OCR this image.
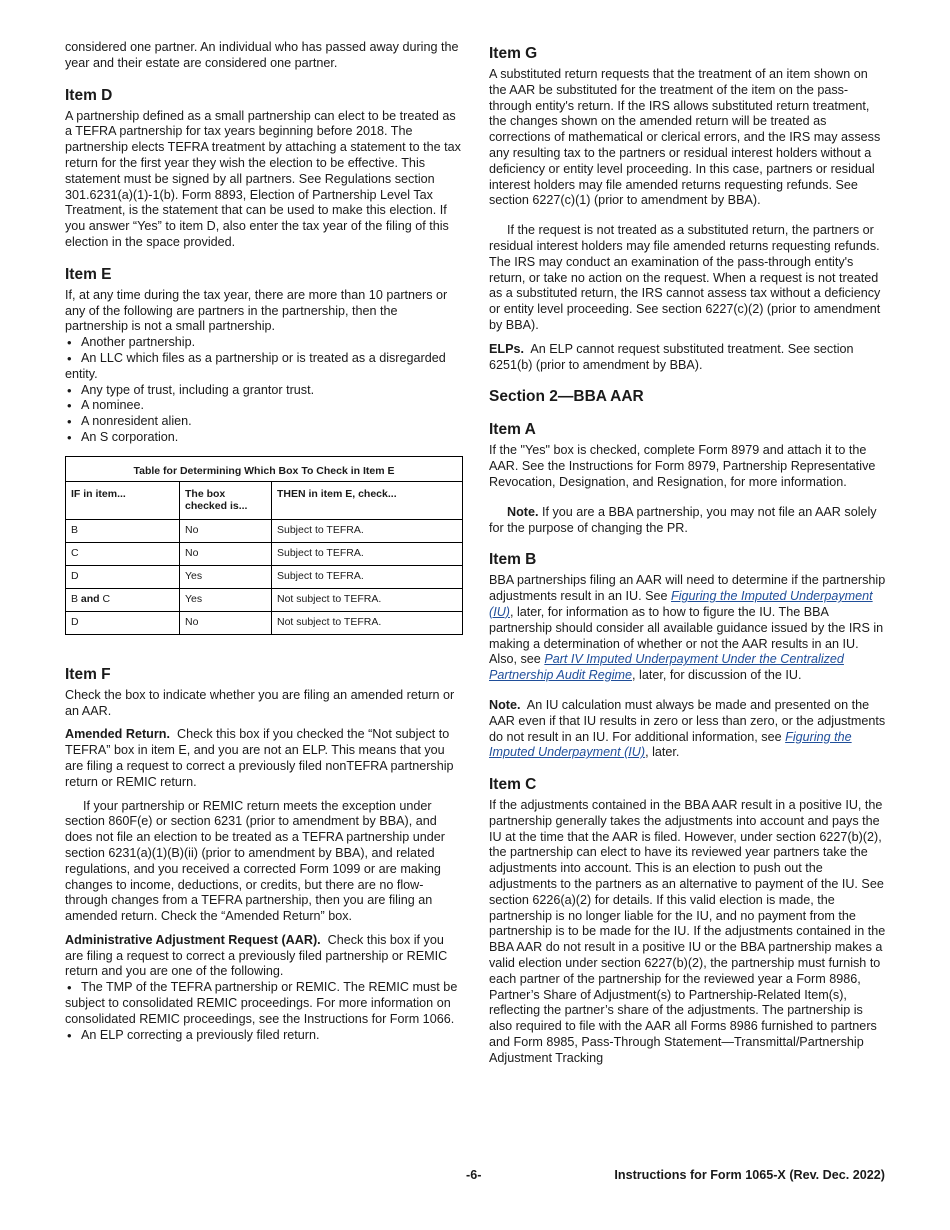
considered one partner. An individual who has passed away during the year and their estate are considered one partner.

Item D

A partnership defined as a small partnership can elect to be treated as a TEFRA partnership for tax years beginning before 2018. The partnership elects TEFRA treatment by attaching a statement to the tax return for the first year they wish the election to be effective. This statement must be signed by all partners. See Regulations section 301.6231(a)(1)-1(b). Form 8893, Election of Partnership Level Tax Treatment, is the statement that can be used to make this election. If you answer “Yes” to item D, also enter the tax year of the filing of this election in the space provided.

Item E

If, at any time during the tax year, there are more than 10 partners or any of the following are partners in the partnership, then the partnership is not a small partnership.

• Another partnership.
• An LLC which files as a partnership or is treated as a disregarded entity.
• Any type of trust, including a grantor trust.
• A nominee.
• A nonresident alien.
• An S corporation.
Table for Determining Which Box To Check in Item E		
IF in item...	The box checked is...	THEN in item E, check...
B	No	Subject to TEFRA.
C	No	Subject to TEFRA.
D	Yes	Subject to TEFRA.
B and C	Yes	Not subject to TEFRA.
D	No	Not subject to TEFRA.
Item F

Check the box to indicate whether you are filing an amended return or an AAR.

Amended Return. Check this box if you checked the “Not subject to TEFRA” box in item E, and you are not an ELP. This means that you are filing a request to correct a previously filed nonTEFRA partnership return or REMIC return.

If your partnership or REMIC return meets the exception under section 860F(e) or section 6231 (prior to amendment by BBA), and does not file an election to be treated as a TEFRA partnership under section 6231(a)(1)(B)(ii) (prior to amendment by BBA), and related regulations, and you received a corrected Form 1099 or are making changes to income, deductions, or credits, but there are no flow-through changes from a TEFRA partnership, then you are filing an amended return. Check the “Amended Return” box.

Administrative Adjustment Request (AAR). Check this box if you are filing a request to correct a previously filed partnership or REMIC return and you are one of the following.

• The TMP of the TEFRA partnership or REMIC. The REMIC must be subject to consolidated REMIC proceedings. For more information on consolidated REMIC proceedings, see the Instructions for Form 1066.
• An ELP correcting a previously filed return.
Item G

A substituted return requests that the treatment of an item shown on the AAR be substituted for the treatment of the item on the pass-through entity's return. If the IRS allows substituted return treatment, the changes shown on the amended return will be treated as corrections of mathematical or clerical errors, and the IRS may assess any resulting tax to the partners or residual interest holders without a deficiency or entity level proceeding. In this case, partners or residual interest holders may file amended returns requesting refunds. See section 6227(c)(1) (prior to amendment by BBA).

If the request is not treated as a substituted return, the partners or residual interest holders may file amended returns requesting refunds. The IRS may conduct an examination of the pass-through entity's return, or take no action on the request. When a request is not treated as a substituted return, the IRS cannot assess tax without a deficiency or entity level proceeding. See section 6227(c)(2) (prior to amendment by BBA).

ELPs. An ELP cannot request substituted treatment. See section 6251(b) (prior to amendment by BBA).

Section 2—BBA AAR
Item A

If the "Yes" box is checked, complete Form 8979 and attach it to the AAR. See the Instructions for Form 8979, Partnership Representative Revocation, Designation, and Resignation, for more information.

Note. If you are a BBA partnership, you may not file an AAR solely for the purpose of changing the PR.

Item B

BBA partnerships filing an AAR will need to determine if the partnership adjustments result in an IU. See Figuring the Imputed Underpayment (IU), later, for information as to how to figure the IU. The BBA partnership should consider all available guidance issued by the IRS in making a determination of whether or not the AAR results in an IU. Also, see Part IV Imputed Underpayment Under the Centralized Partnership Audit Regime, later, for discussion of the IU.

Note. An IU calculation must always be made and presented on the AAR even if that IU results in zero or less than zero, or the adjustments do not result in an IU. For additional information, see Figuring the Imputed Underpayment (IU), later.

Item C

If the adjustments contained in the BBA AAR result in a positive IU, the partnership generally takes the adjustments into account and pays the IU at the time that the AAR is filed. However, under section 6227(b)(2), the partnership can elect to have its reviewed year partners take the adjustments into account. This is an election to push out the adjustments to the partners as an alternative to payment of the IU. See section 6226(a)(2) for details. If this valid election is made, the partnership is no longer liable for the IU, and no payment from the partnership is to be made for the IU. If the adjustments contained in the BBA AAR do not result in a positive IU or the BBA partnership makes a valid election under section 6227(b)(2), the partnership must furnish to each partner of the partnership for the reviewed year a Form 8986, Partner’s Share of Adjustment(s) to Partnership-Related Item(s), reflecting the partner’s share of the adjustments. The partnership is also required to file with the AAR all Forms 8986 furnished to partners and Form 8985, Pass-Through Statement—Transmittal/Partnership Adjustment Tracking

-6-	Instructions for Form 1065-X (Rev. Dec. 2022)
